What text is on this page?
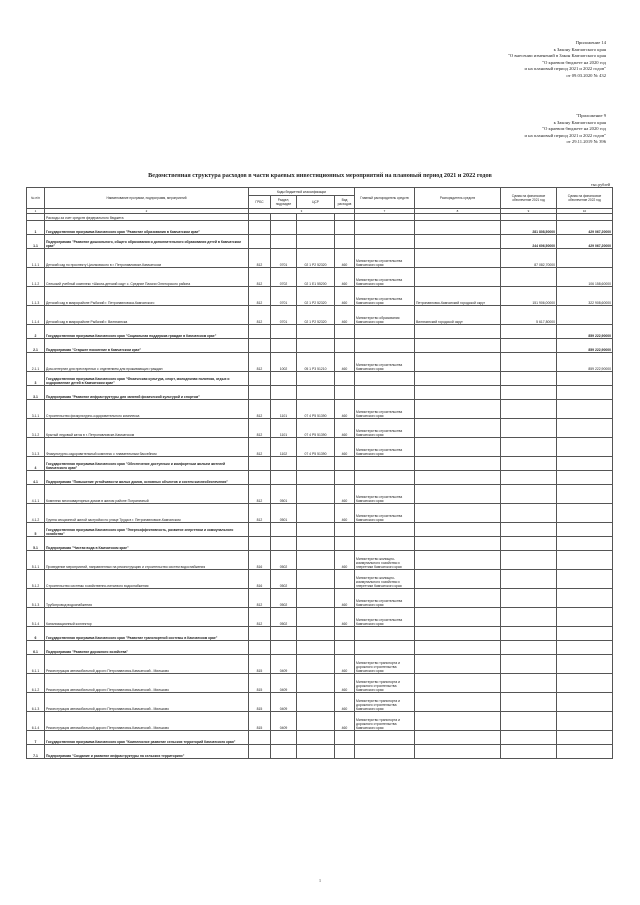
Приложение 14
к Закону Камчатского края
"О внесении изменений в Закон Камчатского края
"О краевом бюджете на 2020 год
и на плановый период 2021 и 2022 годов"
от 09.03.2020 № 432
"Приложение 9
к Закону Камчатского края
"О краевом бюджете на 2020 год
и на плановый период 2021 и 2022 годов"
от 29.11.2019 № 396
Ведомственная структура расходов в части краевых инвестиционных мероприятий на плановый период 2021 и 2022 годов
тыс.рублей
№ п/п	Наименование программ, подпрограмм, мероприятий	Коды бюджетной классификации				Главный распорядитель средств	Распорядитель средств	Сумма на финансовое обеспечение 2021 год	Сумма на финансовое обеспечение 2022 год
		ГРБС	Раздел, подраздел	ЦСР	Вид расходов				
1	2	3				7	8	9	10
	Расходы за счет средств федерального бюджета								
1	Государственная программа Камчатского края "Развитие образования в Камчатском крае"							281 808,50000	429 067,20000
1.1	Подпрограмма "Развитие дошкольного, общего образования и дополнительного образования детей в Камчатском крае"							244 606,50000	429 067,20000
1.1.1	Детский сад по проспекту Циолковского в г. Петропавловске-Камчатском	812	0701	02 1 P2 52320	460	Министерство строительства Камчатского края		87 082,70000	
1.1.2	Сельский учебный комплекс «Школа-детский сад» с. Средние Пахачи Олюторского района	812	0702	02 1 E1 55200	460	Министерство строительства Камчатского края			106 158,60000
1.1.3	Детский сад в микрорайоне Рыбачий г. Петропавловска-Камчатского	812	0701	02 1 P2 52320	460	Министерство строительства Камчатского края	Петропавловск-Камчатский городской округ	151 906,00000	322 908,60000
1.1.4	Детский сад в микрорайоне Рыбачий г. Вилючинска	812	0701	02 1 P2 52320	460	Министерство образования Камчатского края	Вилючинский городской округ	5 617,80000	
2	Государственная программа Камчатского края "Социальная поддержка граждан в Камчатском крае"								859 222,90000
2.1	Подпрограмма "Старшее поколение в Камчатском крае"								859 222,90000
2.1.1	Дом-интернат для престарелых с отделением для проживающих граждан	812	1002	05 1 P3 51210	460	Министерство строительства Камчатского края			859 222,90000
3	Государственная программа Камчатского края "Физическая культура, спорт, молодежная политика, отдых и оздоровление детей в Камчатском крае"								
3.1	Подпрограмма "Развитие инфраструктуры для занятий физической культурой и спортом"								
3.1.1	Строительство физкультурно-оздоровительного комплекса	812	1101	07 4 P5 51390	460	Министерство строительства Камчатского края			
3.1.2	Крытый ледовый каток в г. Петропавловске-Камчатском	812	1101	07 4 P5 51390	460	Министерство строительства Камчатского края			
3.1.3	Физкультурно-оздоровительный комплекс с плавательным бассейном	812	1102	07 4 P5 51390	460	Министерство строительства Камчатского края			
4	Государственная программа Камчатского края "Обеспечение доступным и комфортным жильем жителей Камчатского края"								
4.1	Подпрограмма "Повышение устойчивости жилых домов, основных объектов и систем жизнеобеспечения"								
4.1.1	Комплекс многоквартирных домов в жилом районе Пограничный	812	0501		460	Министерство строительства Камчатского края			
4.1.2	Группа секционной жилой застройки по улице Труда в г. Петропавловске-Камчатском	812	0501		460	Министерство строительства Камчатского края			
5	Государственная программа Камчатского края "Энергоэффективность, развитие энергетики и коммунального хозяйства"								
5.1	Подпрограмма "Чистая вода в Камчатском крае"								
5.1.1	Проведение мероприятий, направленных на реконструкцию и строительство систем водоснабжения	816	0502		460	Министерство жилищно-коммунального хозяйства и энергетики Камчатского края			
5.1.2	Строительство системы хозяйственно-питьевого водоснабжения	816	0502			Министерство жилищно-коммунального хозяйства и энергетики Камчатского края			
5.1.3	Трубопровод водоснабжения	812	0502		460	Министерство строительства Камчатского края			
5.1.4	Канализационный коллектор	812	0502		460	Министерство строительства Камчатского края			
6	Государственная программа Камчатского края "Развитие транспортной системы в Камчатском крае"								
6.1	Подпрограмма "Развитие дорожного хозяйства"								
6.1.1	Реконструкция автомобильной дороги Петропавловск-Камчатский - Мильково	815	0409		460	Министерство транспорта и дорожного строительства Камчатского края			
6.1.2	Реконструкция автомобильной дороги Петропавловск-Камчатский - Мильково	815	0409		460	Министерство транспорта и дорожного строительства Камчатского края			
6.1.3	Реконструкция автомобильной дороги Петропавловск-Камчатский - Мильково	815	0409		460	Министерство транспорта и дорожного строительства Камчатского края			
6.1.4	Реконструкция автомобильной дороги Петропавловск-Камчатский - Мильково	815	0409		460	Министерство транспорта и дорожного строительства Камчатского края			
7	Государственная программа Камчатского края "Комплексное развитие сельских территорий Камчатского края"								
7.1	Подпрограмма "Создание и развитие инфраструктуры на сельских территориях"								
1
